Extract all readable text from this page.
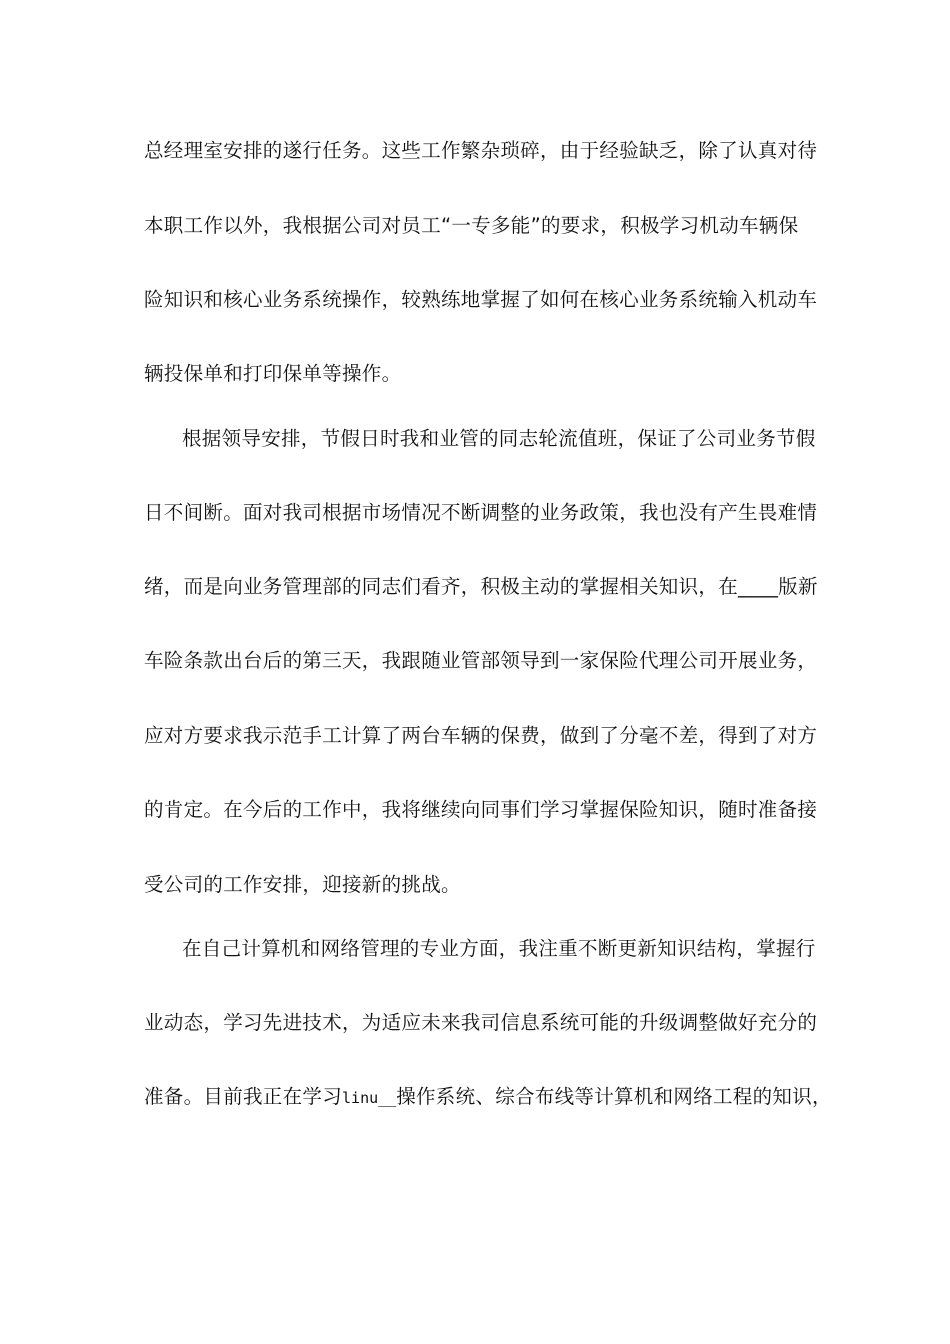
总经理室安排的遂行任务。这些工作繁杂琐碎，由于经验缺乏，除了认真对待
本职工作以外，我根据公司对员工“一专多能”的要求，积极学习机动车辆保
险知识和核心业务系统操作，较熟练地掌握了如何在核心业务系统输入机动车
辆投保单和打印保单等操作。
根据领导安排，节假日时我和业管的同志轮流值班，保证了公司业务节假
日不间断。面对我司根据市场情况不断调整的业务政策，我也没有产生畏难情
绪，而是向业务管理部的同志们看齐，积极主动的掌握相关知识，在____版新
车险条款出台后的第三天，我跟随业管部领导到一家保险代理公司开展业务，
应对方要求我示范手工计算了两台车辆的保费，做到了分毫不差，得到了对方
的肯定。在今后的工作中，我将继续向同事们学习掌握保险知识，随时准备接
受公司的工作安排，迎接新的挑战。
在自己计算机和网络管理的专业方面，我注重不断更新知识结构，掌握行
业动态，学习先进技术，为适应未来我司信息系统可能的升级调整做好充分的
准备。目前我正在学习linu__操作系统、综合布线等计算机和网络工程的知识，
